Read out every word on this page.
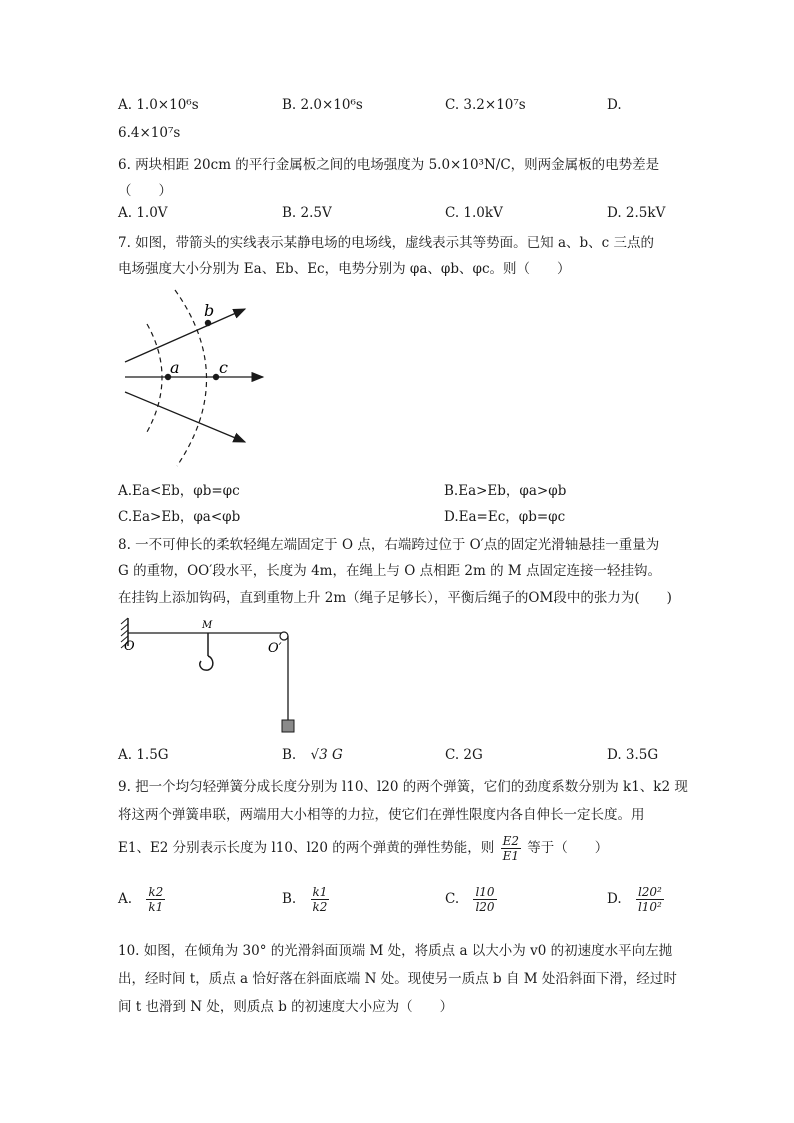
A. 1.0×10⁶s	B. 2.0×10⁶s	C. 3.2×10⁷s	D.
6.4×10⁷s
6. 两块相距 20cm 的平行金属板之间的电场强度为 5.0×10³N/C，则两金属板的电势差是
（　　）
A. 1.0V	B. 2.5V	C. 1.0kV	D. 2.5kV
7. 如图，带箭头的实线表示某静电场的电场线，虚线表示其等势面。已知 a、b、c 三点的
电场强度大小分别为 Ea、Eb、Ec，电势分别为 φa、φb、φc。则（　　）
b
a c
A.Ea<Eb，φb=φc	B.Ea>Eb，φa>φb
C.Ea>Eb，φa<φb	D.Ea=Ec，φb=φc
8. 一不可伸长的柔软轻绳左端固定于 O 点，右端跨过位于 O′点的固定光滑轴悬挂一重量为
G 的重物，OO′段水平，长度为 4m，在绳上与 O 点相距 2m 的 M 点固定连接一轻挂钩。
在挂钩上添加钩码，直到重物上升 2m（绳子足够长），平衡后绳子的OM段中的张力为(　　)
O
M
O′
A. 1.5G	B. √3 G	C. 2G	D. 3.5G
9. 把一个均匀轻弹簧分成长度分别为 l10、l20 的两个弹簧，它们的劲度系数分别为 k1、k2 现
将这两个弹簧串联，两端用大小相等的力拉，使它们在弹性限度内各自伸长一定长度。用
E1、E2 分别表示长度为 l10、l20 的两个弹黄的弹性势能，则 $\frac{E2}{E1}$ 等于（　　）
A. $\frac{k2}{k1}$	B. $\frac{k1}{k2}$	C. $\frac{l10}{l20}$	D. $\frac{\text{l20²}}{\text{l10²}}$
10. 如图，在倾角为 30° 的光滑斜面顶端 M 处，将质点 a 以大小为 v0 的初速度水平向左抛
出，经时间 t，质点 a 恰好落在斜面底端 N 处。现使另一质点 b 自 M 处沿斜面下滑，经过时
间 t 也滑到 N 处，则质点 b 的初速度大小应为（　　）
